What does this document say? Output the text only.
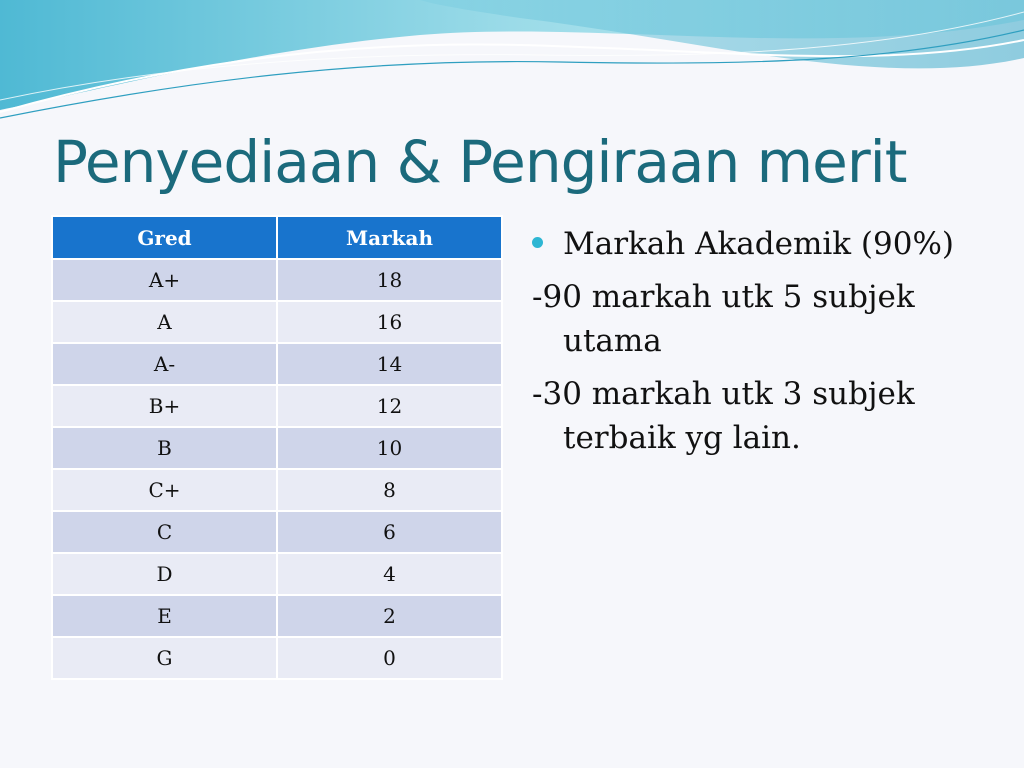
Penyediaan & Pengiraan merit
Gred	Markah
A+	18
A	16
A-	14
B+	12
B	10
C+	8
C	6
D	4
E	2
G	0

Markah Akademik (90%)

-90 markah utk 5 subjek utama

-30 markah utk 3 subjek terbaik yg lain.
